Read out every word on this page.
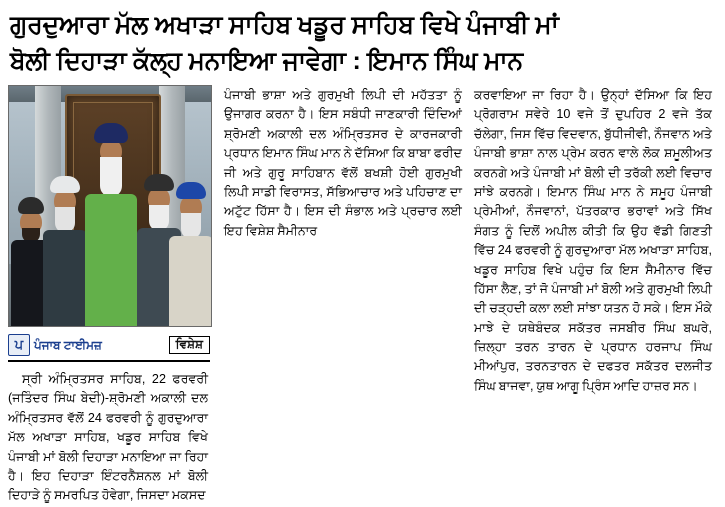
ਗੁਰਦੁਆਰਾ ਮੱਲ ਅਖਾੜਾ ਸਾਹਿਬ ਖਡੂਰ ਸਾਹਿਬ ਵਿਖੇ ਪੰਜਾਬੀ ਮਾਂ
ਬੋਲੀ ਦਿਹਾੜਾ ਕੱਲ੍ਹ ਮਨਾਇਆ ਜਾਵੇਗਾ : ਇਮਾਨ ਸਿੰਘ ਮਾਨ
ਪ ਪੰਜਾਬ ਟਾਈਮਜ਼	ਵਿਸ਼ੇਸ਼

ਸ੍ਰੀ ਅੰਮ੍ਰਿਤਸਰ ਸਾਹਿਬ, 22 ਫਰਵਰੀ (ਜਤਿੰਦਰ ਸਿੰਘ ਬੇਦੀ)-ਸ਼੍ਰੋਮਣੀ ਅਕਾਲੀ ਦਲ ਅੰਮ੍ਰਿਤਸਰ ਵੱਲੋਂ 24 ਫਰਵਰੀ ਨੂੰ ਗੁਰਦੁਆਰਾ ਮੱਲ ਅਖਾੜਾ ਸਾਹਿਬ, ਖਡੂਰ ਸਾਹਿਬ ਵਿਖੇ ਪੰਜਾਬੀ ਮਾਂ ਬੋਲੀ ਦਿਹਾੜਾ ਮਨਾਇਆ ਜਾ ਰਿਹਾ ਹੈ। ਇਹ ਦਿਹਾੜਾ ਇੰਟਰਨੈਸ਼ਨਲ ਮਾਂ ਬੋਲੀ ਦਿਹਾੜੇ ਨੂੰ ਸਮਰਪਿਤ ਹੋਵੇਗਾ, ਜਿਸਦਾ ਮਕਸਦ

ਪੰਜਾਬੀ ਭਾਸ਼ਾ ਅਤੇ ਗੁਰਮੁਖੀ ਲਿਪੀ ਦੀ ਮਹੱਤਤਾ ਨੂੰ ਉਜਾਗਰ ਕਰਨਾ ਹੈ। ਇਸ ਸਬੰਧੀ ਜਾਣਕਾਰੀ ਦਿੰਦਿਆਂ ਸ਼੍ਰੋਮਣੀ ਅਕਾਲੀ ਦਲ ਅੰਮ੍ਰਿਤਸਰ ਦੇ ਕਾਰਜਕਾਰੀ ਪ੍ਰਧਾਨ ਇਮਾਨ ਸਿੰਘ ਮਾਨ ਨੇ ਦੱਸਿਆ ਕਿ ਬਾਬਾ ਫਰੀਦ ਜੀ ਅਤੇ ਗੁਰੂ ਸਾਹਿਬਾਨ ਵੱਲੋਂ ਬਖਸ਼ੀ ਹੋਈ ਗੁਰਮੁਖੀ ਲਿਪੀ ਸਾਡੀ ਵਿਰਾਸਤ, ਸੱਭਿਆਚਾਰ ਅਤੇ ਪਹਿਚਾਣ ਦਾ ਅਟੁੱਟ ਹਿੱਸਾ ਹੈ। ਇਸ ਦੀ ਸੰਭਾਲ ਅਤੇ ਪ੍ਰਚਾਰ ਲਈ ਇਹ ਵਿਸ਼ੇਸ਼ ਸੈਮੀਨਾਰ

ਕਰਵਾਇਆ ਜਾ ਰਿਹਾ ਹੈ। ਉਨ੍ਹਾਂ ਦੱਸਿਆ ਕਿ ਇਹ ਪ੍ਰੋਗਰਾਮ ਸਵੇਰੇ 10 ਵਜੇ ਤੋਂ ਦੁਪਹਿਰ 2 ਵਜੇ ਤੱਕ ਚੱਲੇਗਾ, ਜਿਸ ਵਿੱਚ ਵਿਦਵਾਨ, ਬੁੱਧੀਜੀਵੀ, ਨੌਜਵਾਨ ਅਤੇ ਪੰਜਾਬੀ ਭਾਸ਼ਾ ਨਾਲ ਪ੍ਰੇਮ ਕਰਨ ਵਾਲੇ ਲੋਕ ਸ਼ਮੂਲੀਅਤ ਕਰਨਗੇ ਅਤੇ ਪੰਜਾਬੀ ਮਾਂ ਬੋਲੀ ਦੀ ਤਰੱਕੀ ਲਈ ਵਿਚਾਰ ਸਾਂਝੇ ਕਰਨਗੇ। ਇਮਾਨ ਸਿੰਘ ਮਾਨ ਨੇ ਸਮੂਹ ਪੰਜਾਬੀ ਪ੍ਰੇਮੀਆਂ, ਨੌਜਵਾਨਾਂ, ਪੱਤਰਕਾਰ ਭਰਾਵਾਂ ਅਤੇ ਸਿੱਖ ਸੰਗਤ ਨੂੰ ਦਿਲੋਂ ਅਪੀਲ ਕੀਤੀ ਕਿ ਉਹ ਵੱਡੀ ਗਿਣਤੀ ਵਿੱਚ 24 ਫਰਵਰੀ ਨੂੰ ਗੁਰਦੁਆਰਾ ਮੱਲ ਅਖਾੜਾ ਸਾਹਿਬ, ਖਡੂਰ ਸਾਹਿਬ ਵਿਖੇ ਪਹੁੰਚ ਕਿ ਇਸ ਸੈਮੀਨਾਰ ਵਿੱਚ ਹਿੱਸਾ ਲੈਣ, ਤਾਂ ਜੋ ਪੰਜਾਬੀ ਮਾਂ ਬੋਲੀ ਅਤੇ ਗੁਰਮੁਖੀ ਲਿਪੀ ਦੀ ਚੜ੍ਹਦੀ ਕਲਾ ਲਈ ਸਾਂਝਾ ਯਤਨ ਹੋ ਸਕੇ। ਇਸ ਮੌਕੇ ਮਾਝੇ ਦੇ ਯਥੇਬੰਦਕ ਸਕੱਤਰ ਜਸਬੀਰ ਸਿੰਘ ਬਘਰੇ, ਜ਼ਿਲ੍ਹਾ ਤਰਨ ਤਾਰਨ ਦੇ ਪ੍ਰਧਾਨ ਹਰਜਾਪ ਸਿੰਘ ਮੀਆਂਪੁਰ, ਤਰਨਤਾਰਨ ਦੇ ਦਫਤਰ ਸਕੱਤਰ ਦਲਜੀਤ ਸਿੰਘ ਬਾਜਵਾ, ਯੁਥ ਆਗੂ ਪ੍ਰਿੰਸ ਆਦਿ ਹਾਜ਼ਰ ਸਨ।
